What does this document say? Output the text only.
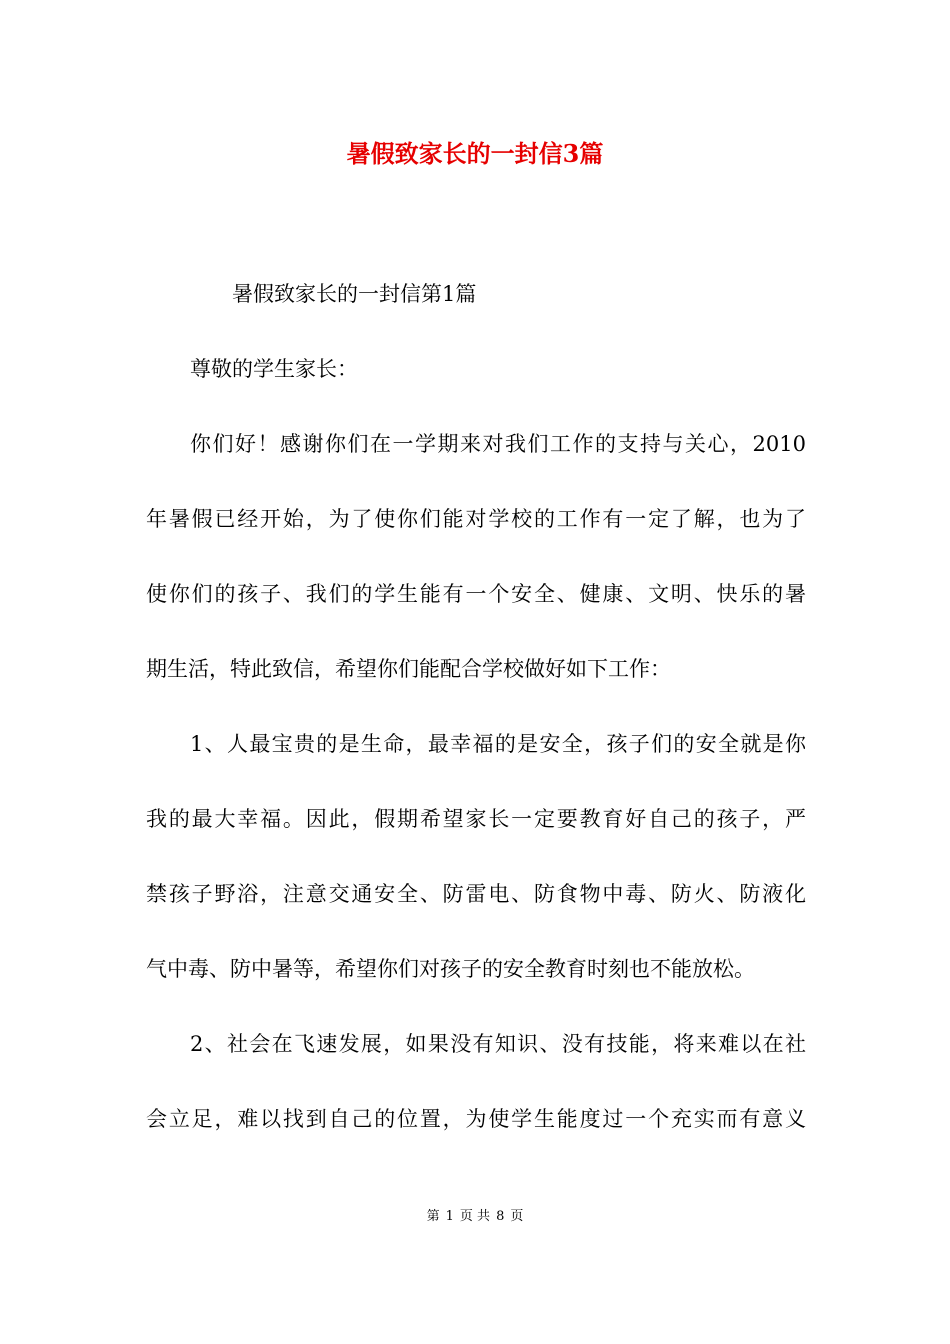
暑假致家长的一封信3篇

暑假致家长的一封信第1篇

尊敬的学生家长：

你们好！感谢你们在一学期来对我们工作的支持与关心，2010

年暑假已经开始，为了使你们能对学校的工作有一定了解，也为了

使你们的孩子、我们的学生能有一个安全、健康、文明、快乐的暑

期生活，特此致信，希望你们能配合学校做好如下工作：

1、人最宝贵的是生命，最幸福的是安全，孩子们的安全就是你

我的最大幸福。因此，假期希望家长一定要教育好自己的孩子，严

禁孩子野浴，注意交通安全、防雷电、防食物中毒、防火、防液化

气中毒、防中暑等，希望你们对孩子的安全教育时刻也不能放松。

2、社会在飞速发展，如果没有知识、没有技能，将来难以在社

会立足，难以找到自己的位置，为使学生能度过一个充实而有意义

第 1 页 共 8 页
